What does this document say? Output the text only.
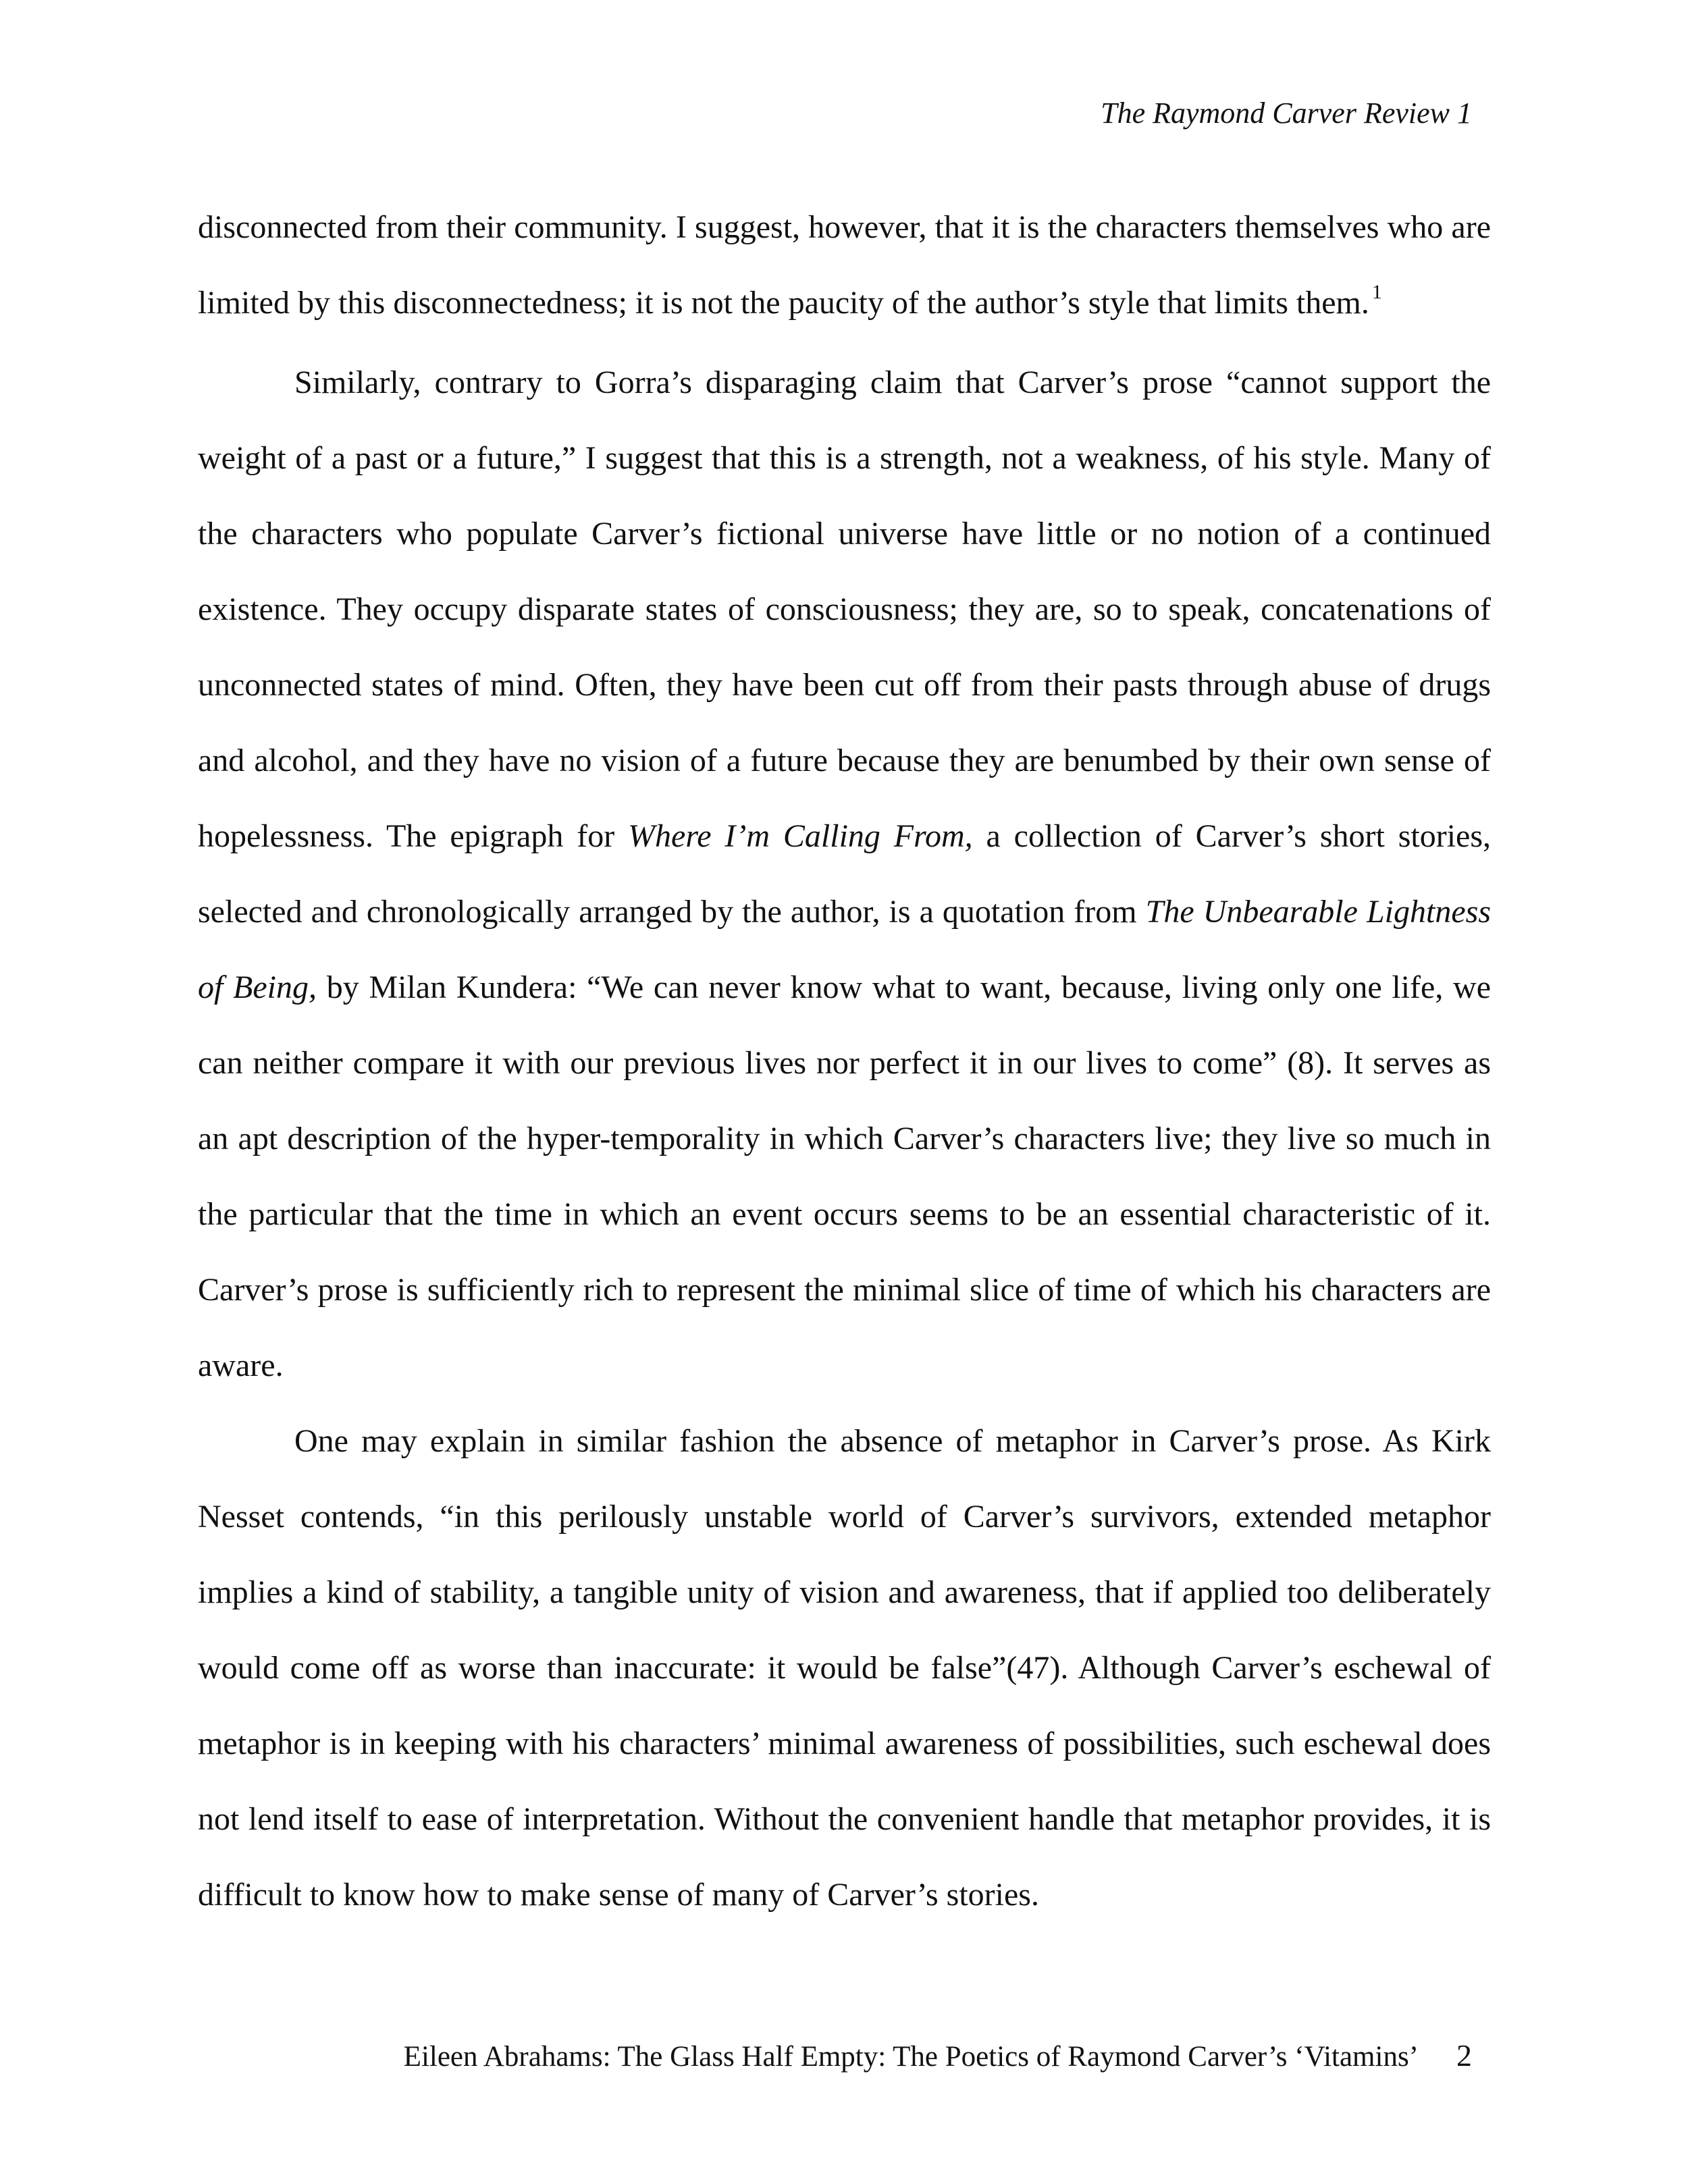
The Raymond Carver Review 1

disconnected from their community. I suggest, however, that it is the characters themselves who are limited by this disconnectedness; it is not the paucity of the author’s style that limits them. $^1$

Similarly, contrary to Gorra’s disparaging claim that Carver’s prose “cannot support the weight of a past or a future,” I suggest that this is a strength, not a weakness, of his style. Many of the characters who populate Carver’s fictional universe have little or no notion of a continued existence. They occupy disparate states of consciousness; they are, so to speak, concatenations of unconnected states of mind. Often, they have been cut off from their pasts through abuse of drugs and alcohol, and they have no vision of a future because they are benumbed by their own sense of hopelessness. The epigraph for Where I’m Calling From, a collection of Carver’s short stories, selected and chronologically arranged by the author, is a quotation from The Unbearable Lightness of Being, by Milan Kundera: “We can never know what to want, because, living only one life, we can neither compare it with our previous lives nor perfect it in our lives to come” (8). It serves as an apt description of the hyper-temporality in which Carver’s characters live; they live so much in the particular that the time in which an event occurs seems to be an essential characteristic of it. Carver’s prose is sufficiently rich to represent the minimal slice of time of which his characters are aware.

One may explain in similar fashion the absence of metaphor in Carver’s prose. As Kirk Nesset contends, “in this perilously unstable world of Carver’s survivors, extended metaphor implies a kind of stability, a tangible unity of vision and awareness, that if applied too deliberately would come off as worse than inaccurate: it would be false”(47). Although Carver’s eschewal of metaphor is in keeping with his characters’ minimal awareness of possibilities, such eschewal does not lend itself to ease of interpretation. Without the convenient handle that metaphor provides, it is difficult to know how to make sense of many of Carver’s stories.

Eileen Abrahams: The Glass Half Empty: The Poetics of Raymond Carver’s ‘Vitamins’ 2
